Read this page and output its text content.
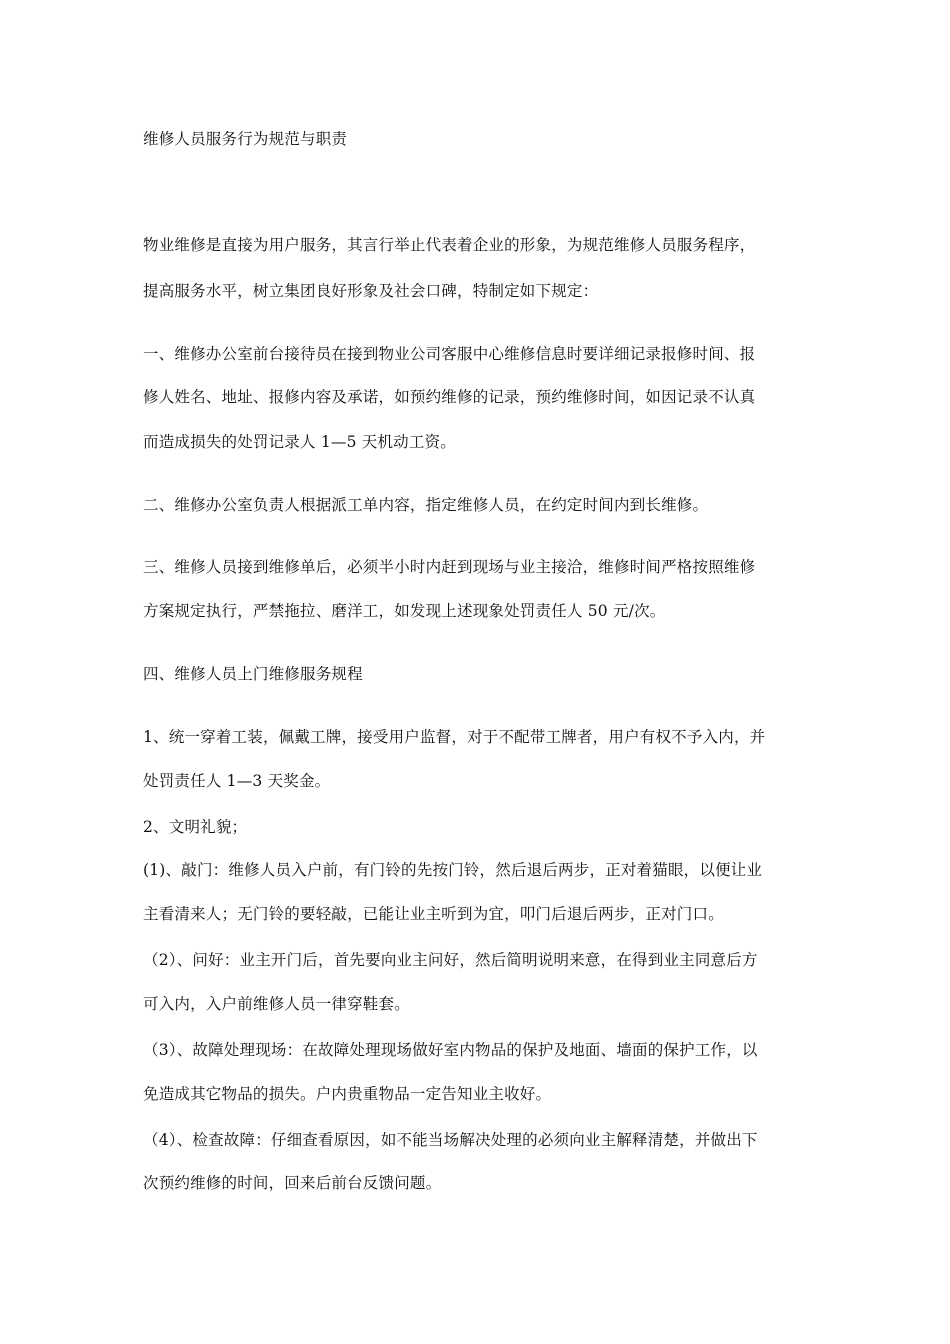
维修人员服务行为规范与职责
物业维修是直接为用户服务，其言行举止代表着企业的形象，为规范维修人员服务程序，
提高服务水平，树立集团良好形象及社会口碑，特制定如下规定：
一、维修办公室前台接待员在接到物业公司客服中心维修信息时要详细记录报修时间、报
修人姓名、地址、报修内容及承诺，如预约维修的记录，预约维修时间，如因记录不认真
而造成损失的处罚记录人 1—5 天机动工资。
二、维修办公室负责人根据派工单内容，指定维修人员，在约定时间内到长维修。
三、维修人员接到维修单后，必须半小时内赶到现场与业主接洽，维修时间严格按照维修
方案规定执行，严禁拖拉、磨洋工，如发现上述现象处罚责任人 50 元/次。
四、维修人员上门维修服务规程
1、统一穿着工装，佩戴工牌，接受用户监督，对于不配带工牌者，用户有权不予入内，并
处罚责任人 1—3 天奖金。
2、文明礼貌；
(1)、敲门：维修人员入户前，有门铃的先按门铃，然后退后两步，正对着猫眼，以便让业
主看清来人；无门铃的要轻敲，已能让业主听到为宜，叩门后退后两步，正对门口。
（2）、问好：业主开门后，首先要向业主问好，然后简明说明来意，在得到业主同意后方
可入内，入户前维修人员一律穿鞋套。
（3）、故障处理现场：在故障处理现场做好室内物品的保护及地面、墙面的保护工作，以
免造成其它物品的损失。户内贵重物品一定告知业主收好。
（4）、检查故障：仔细查看原因，如不能当场解决处理的必须向业主解释清楚，并做出下
次预约维修的时间，回来后前台反馈问题。
